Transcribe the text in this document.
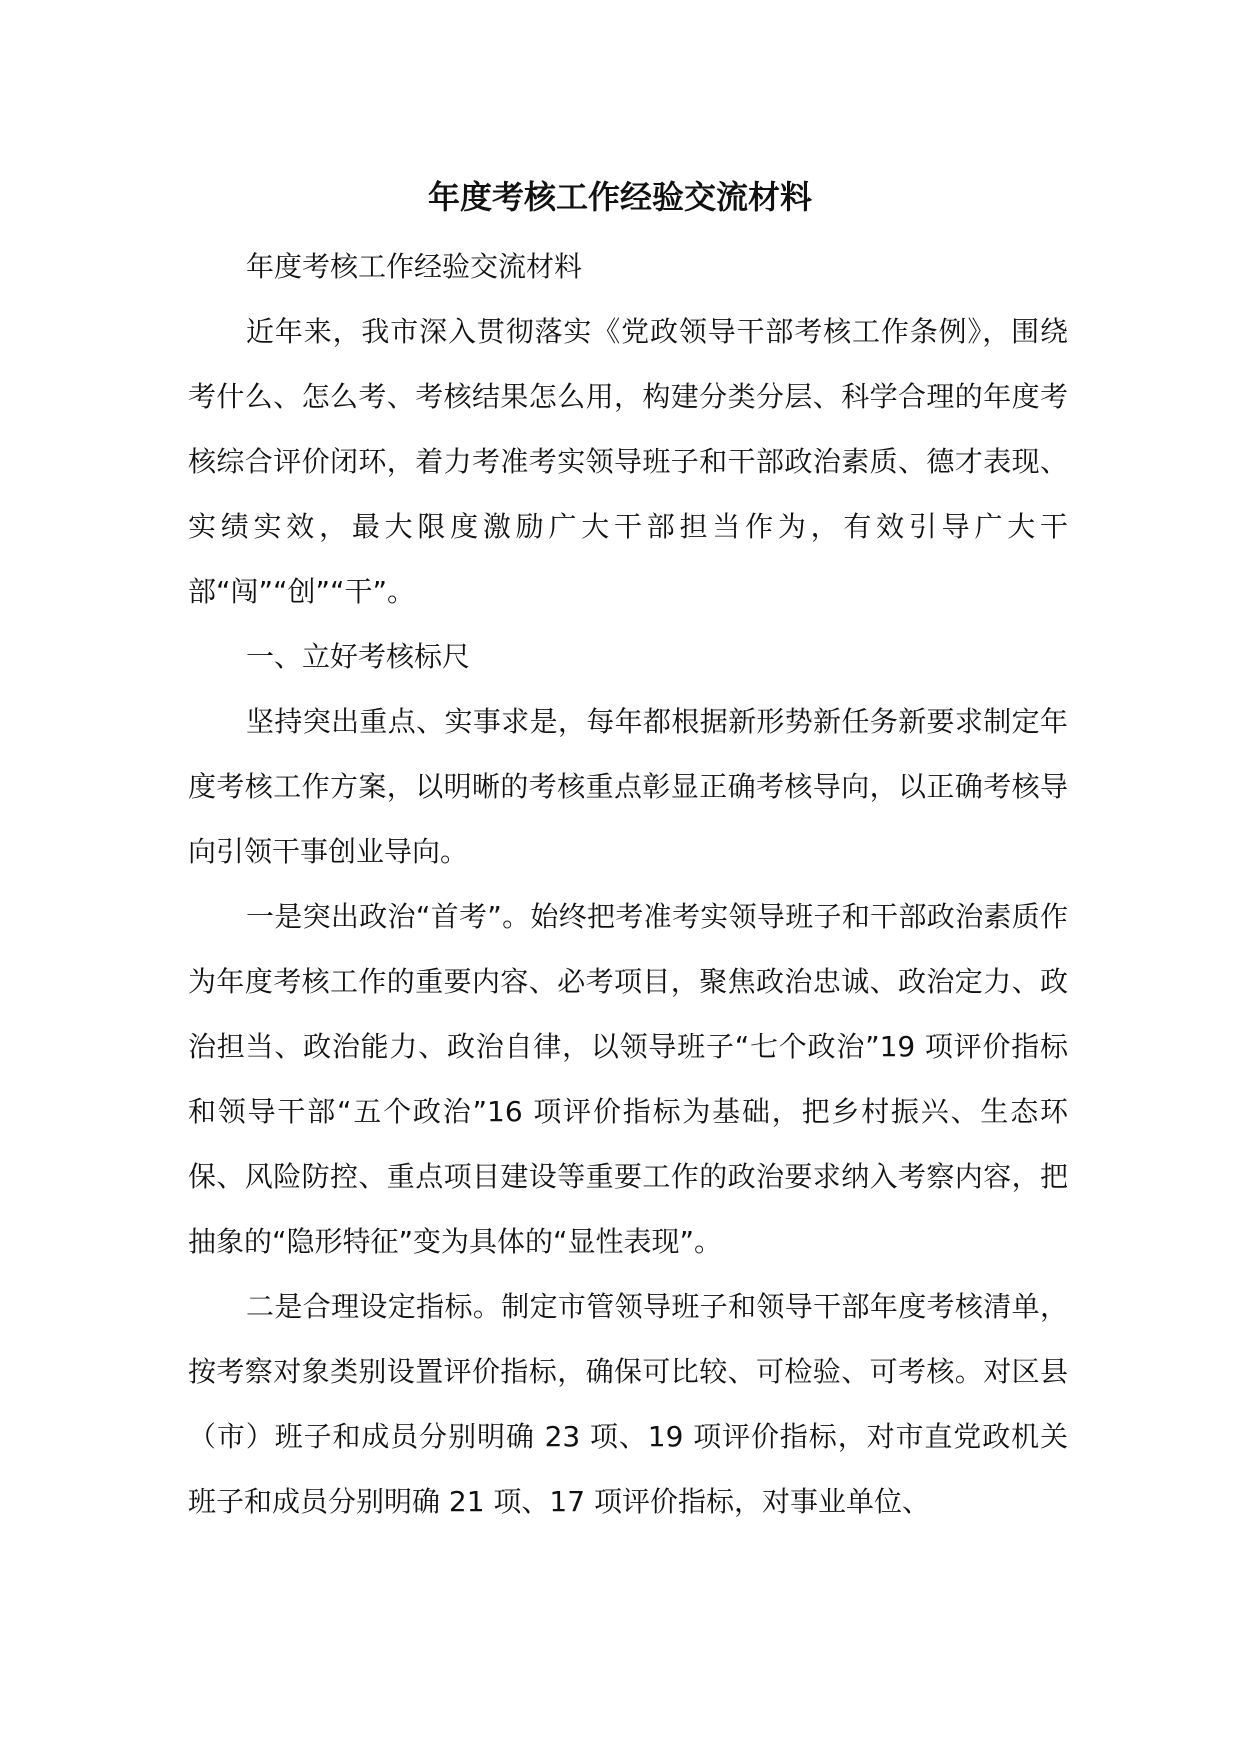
年度考核工作经验交流材料

年度考核工作经验交流材料

近年来，我市深入贯彻落实《党政领导干部考核工作条例》，围绕考什么、怎么考、考核结果怎么用，构建分类分层、科学合理的年度考核综合评价闭环，着力考准考实领导班子和干部政治素质、德才表现、实绩实效，最大限度激励广大干部担当作为，有效引导广大干部“闯”“创”“干”。

一、立好考核标尺

坚持突出重点、实事求是，每年都根据新形势新任务新要求制定年度考核工作方案，以明晰的考核重点彰显正确考核导向，以正确考核导向引领干事创业导向。

一是突出政治“首考”。始终把考准考实领导班子和干部政治素质作为年度考核工作的重要内容、必考项目，聚焦政治忠诚、政治定力、政治担当、政治能力、政治自律，以领导班子“七个政治”19 项评价指标和领导干部“五个政治”16 项评价指标为基础，把乡村振兴、生态环保、风险防控、重点项目建设等重要工作的政治要求纳入考察内容，把抽象的“隐形特征”变为具体的“显性表现”。

二是合理设定指标。制定市管领导班子和领导干部年度考核清单，按考察对象类别设置评价指标，确保可比较、可检验、可考核。对区县（市）班子和成员分别明确 23 项、19 项评价指标，对市直党政机关班子和成员分别明确 21 项、17 项评价指标，对事业单位、
